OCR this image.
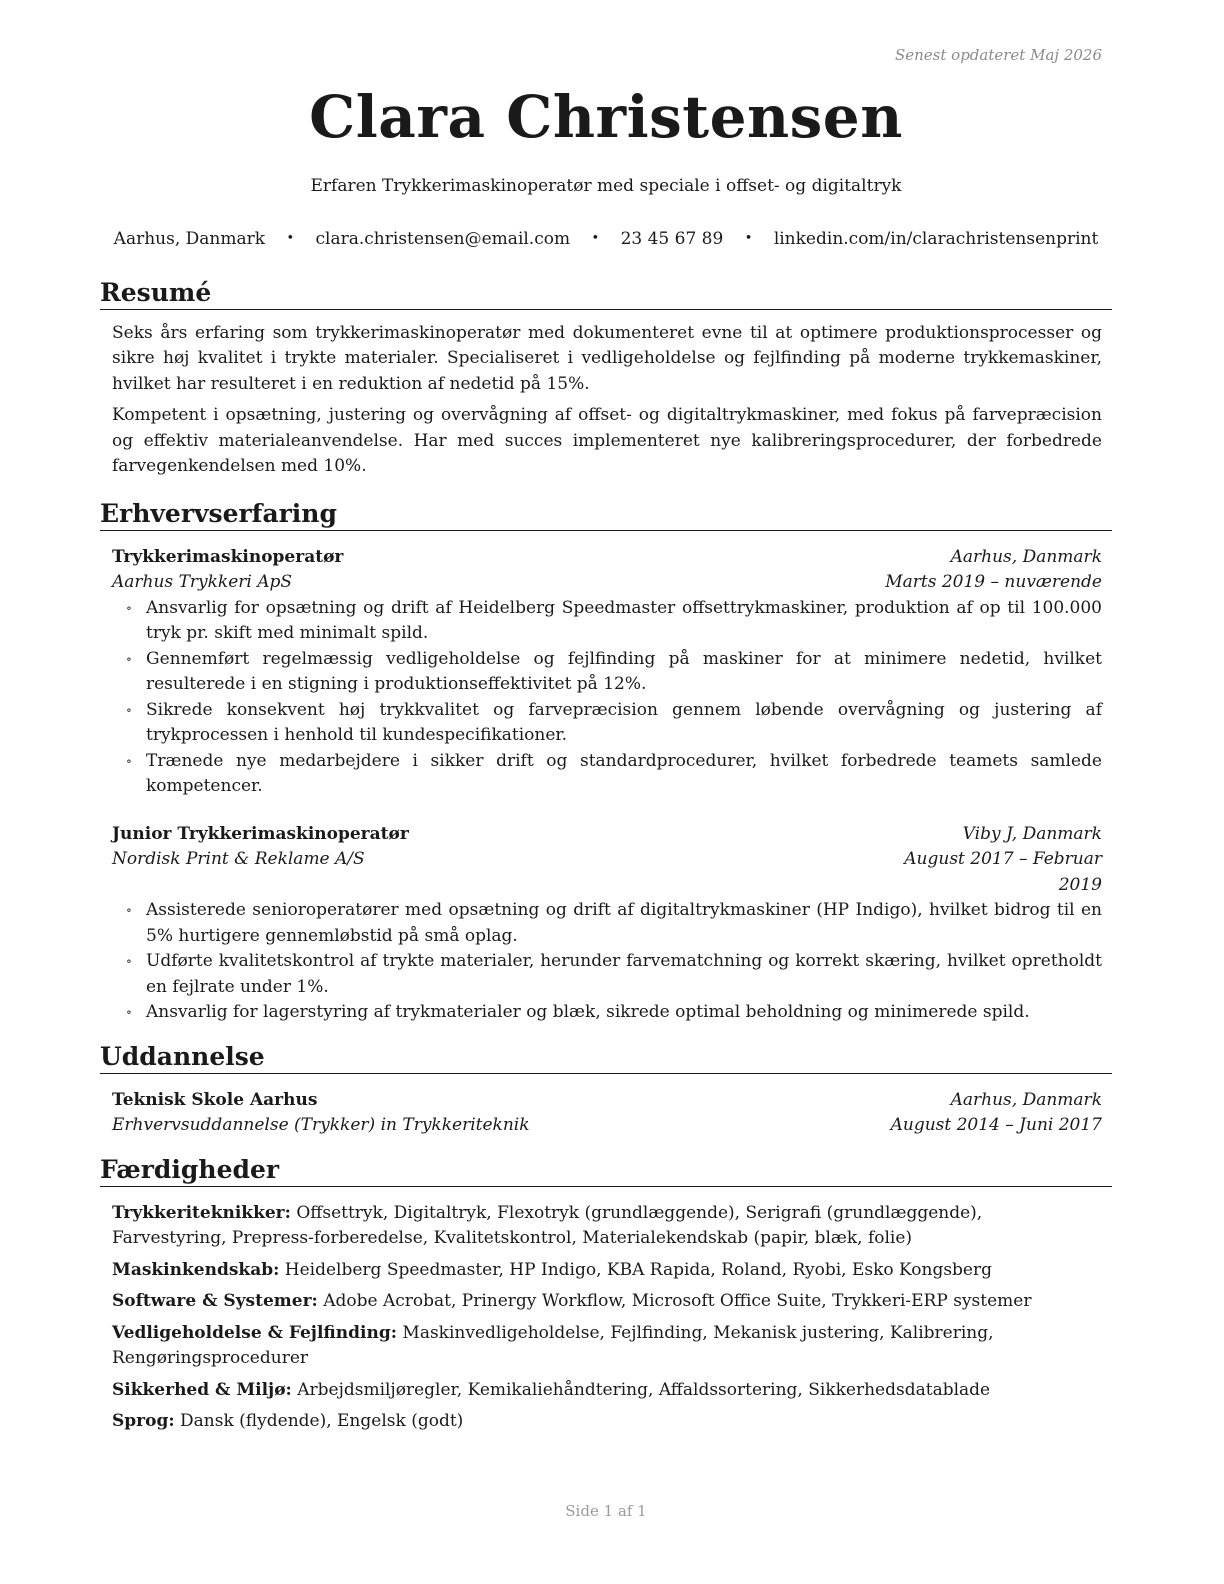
Senest opdateret Maj 2026
Clara Christensen
Erfaren Trykkerimaskinoperatør med speciale i offset- og digitaltryk
Aarhus, Danmark • clara.christensen@email.com • 23 45 67 89 • linkedin.com/in/clarachristensenprint
Resumé

Seks års erfaring som trykkerimaskinoperatør med dokumenteret evne til at optimere produktionsprocesser og sikre høj kvalitet i trykte materialer. Specialiseret i vedligeholdelse og fejlfinding på moderne trykkemaskiner, hvilket har resulteret i en reduktion af nedetid på 15%.

Kompetent i opsætning, justering og overvågning af offset- og digitaltrykmaskiner, med fokus på farvepræcision og effektiv materialeanvendelse. Har med succes implementeret nye kalibreringsprocedurer, der forbedrede farvegenkendelsen med 10%.

Erhvervserfaring
Trykkerimaskinoperatør	Aarhus, Danmark
Aarhus Trykkeri ApS	Marts 2019 – nuværende
∘ Ansvarlig for opsætning og drift af Heidelberg Speedmaster offsettrykmaskiner, produktion af op til 100.000 tryk pr. skift med minimalt spild.
∘ Gennemført regelmæssig vedligeholdelse og fejlfinding på maskiner for at minimere nedetid, hvilket resulterede i en stigning i produktionseffektivitet på 12%.
∘ Sikrede konsekvent høj trykkvalitet og farvepræcision gennem løbende overvågning og justering af trykprocessen i henhold til kundespecifikationer.
∘ Trænede nye medarbejdere i sikker drift og standardprocedurer, hvilket forbedrede teamets samlede kompetencer.
Junior Trykkerimaskinoperatør	Viby J, Danmark
Nordisk Print & Reklame A/S	August 2017 – Februar 2019
∘ Assisterede senioroperatører med opsætning og drift af digitaltrykmaskiner (HP Indigo), hvilket bidrog til en 5% hurtigere gennemløbstid på små oplag.
∘ Udførte kvalitetskontrol af trykte materialer, herunder farvematchning og korrekt skæring, hvilket opretholdt en fejlrate under 1%.
∘ Ansvarlig for lagerstyring af trykmaterialer og blæk, sikrede optimal beholdning og minimerede spild.
Uddannelse
Teknisk Skole Aarhus	Aarhus, Danmark
Erhvervsuddannelse (Trykker) in Trykkeriteknik	August 2014 – Juni 2017
Færdigheder

Trykkeriteknikker: Offsettryk, Digitaltryk, Flexotryk (grundlæggende), Serigrafi (grundlæggende), Farvestyring, Prepress-forberedelse, Kvalitetskontrol, Materialekendskab (papir, blæk, folie)

Maskinkendskab: Heidelberg Speedmaster, HP Indigo, KBA Rapida, Roland, Ryobi, Esko Kongsberg

Software & Systemer: Adobe Acrobat, Prinergy Workflow, Microsoft Office Suite, Trykkeri-ERP systemer

Vedligeholdelse & Fejlfinding: Maskinvedligeholdelse, Fejlfinding, Mekanisk justering, Kalibrering, Rengøringsprocedurer

Sikkerhed & Miljø: Arbejdsmiljøregler, Kemikaliehåndtering, Affaldssortering, Sikkerhedsdatablade

Sprog: Dansk (flydende), Engelsk (godt)

Side 1 af 1
